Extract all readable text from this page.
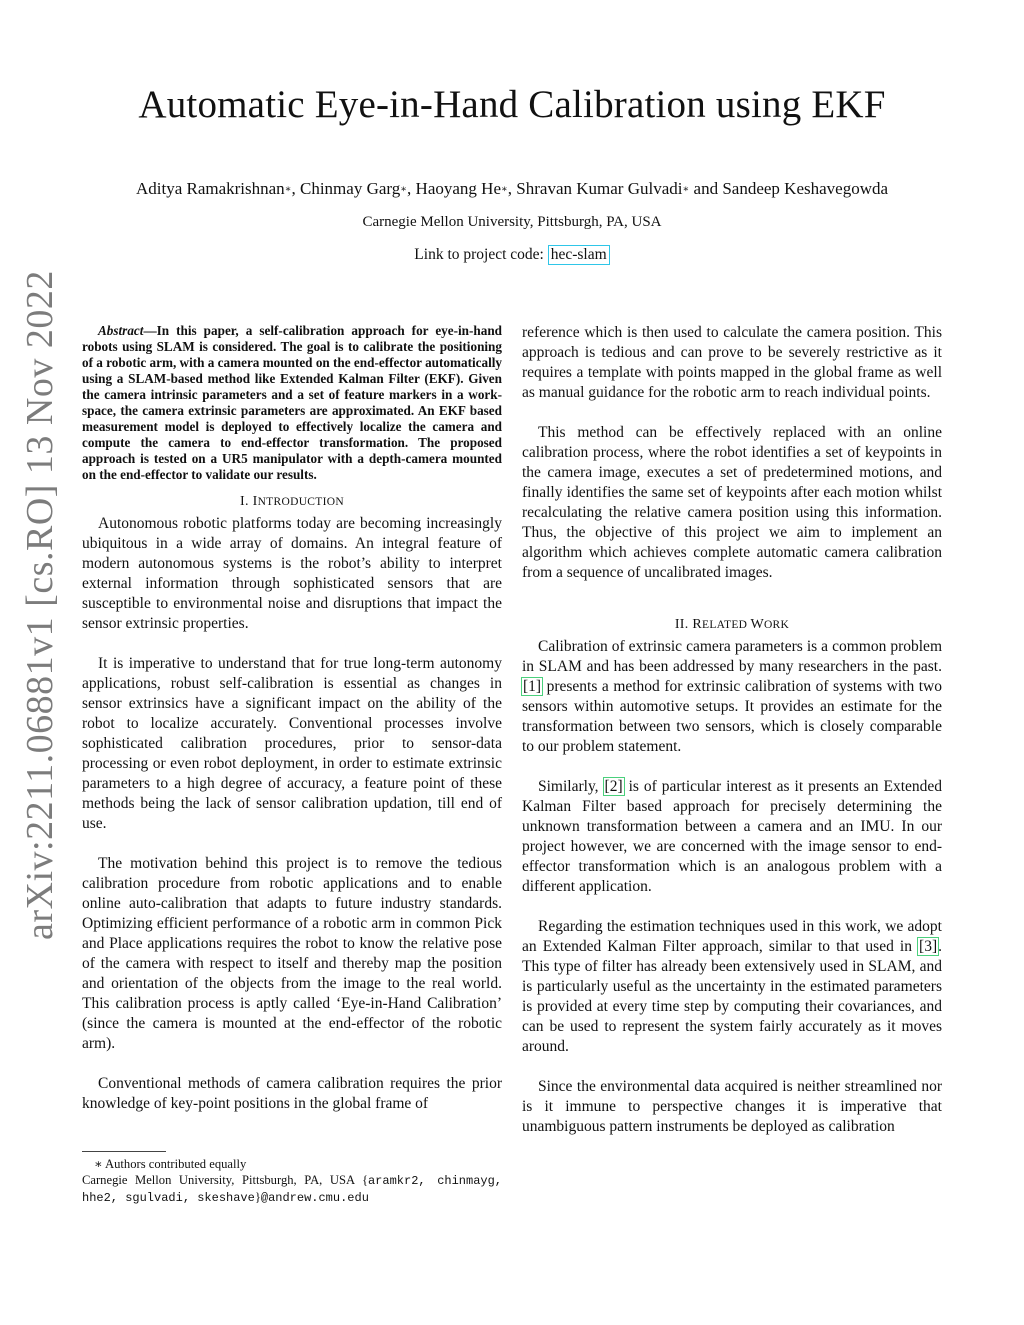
Automatic Eye-in-Hand Calibration using EKF
Aditya Ramakrishnan∗, Chinmay Garg∗, Haoyang He∗, Shravan Kumar Gulvadi∗ and Sandeep Keshavegowda
Carnegie Mellon University, Pittsburgh, PA, USA
Link to project code: hec-slam
arXiv:2211.06881v1 [cs.RO] 13 Nov 2022	Abstract—In this paper, a self-calibration approach for eye-in-hand robots using SLAM is considered. The goal is to calibrate the positioning of a robotic arm, with a camera mounted on the end-effector automatically using a SLAM-based method like Extended Kalman Filter (EKF). Given the camera intrinsic parameters and a set of feature markers in a work-space, the camera extrinsic parameters are approximated. An EKF based measurement model is deployed to effectively localize the camera and compute the camera to end-effector transformation. The proposed approach is tested on a UR5 manipulator with a depth-camera mounted on the end-effector to validate our results.

I. INTRODUCTION

Autonomous robotic platforms today are becoming increasingly ubiquitous in a wide array of domains. An integral feature of modern autonomous systems is the robot’s ability to interpret external information through sophisticated sensors that are susceptible to environmental noise and disruptions that impact the sensor extrinsic properties.

It is imperative to understand that for true long-term autonomy applications, robust self-calibration is essential as changes in sensor extrinsics have a significant impact on the ability of the robot to localize accurately. Conventional processes involve sophisticated calibration procedures, prior to sensor-data processing or even robot deployment, in order to estimate extrinsic parameters to a high degree of accuracy, a feature point of these methods being the lack of sensor calibration updation, till end of use.

The motivation behind this project is to remove the tedious calibration procedure from robotic applications and to enable online auto-calibration that adapts to future industry standards. Optimizing efficient performance of a robotic arm in common Pick and Place applications requires the robot to know the relative pose of the camera with respect to itself and thereby map the position and orientation of the objects from the image to the real world. This calibration process is aptly called ‘Eye-in-Hand Calibration’ (since the camera is mounted at the end-effector of the robotic arm).

Conventional methods of camera calibration requires the prior knowledge of key-point positions in the global frame of

∗ Authors contributed equally
Carnegie Mellon University, Pittsburgh, PA, USA {aramkr2, chinmayg, hhe2, sgulvadi, skeshave}@andrew.cmu.edu

reference which is then used to calculate the camera position. This approach is tedious and can prove to be severely restrictive as it requires a template with points mapped in the global frame as well as manual guidance for the robotic arm to reach individual points.

This method can be effectively replaced with an online calibration process, where the robot identifies a set of keypoints in the camera image, executes a set of predetermined motions, and finally identifies the same set of keypoints after each motion whilst recalculating the relative camera position using this information. Thus, the objective of this project we aim to implement an algorithm which achieves complete automatic camera calibration from a sequence of uncalibrated images.

II. RELATED WORK

Calibration of extrinsic camera parameters is a common problem in SLAM and has been addressed by many researchers in the past. [1] presents a method for extrinsic calibration of systems with two sensors within automotive setups. It provides an estimate for the transformation between two sensors, which is closely comparable to our problem statement.

Similarly, [2] is of particular interest as it presents an Extended Kalman Filter based approach for precisely determining the unknown transformation between a camera and an IMU. In our project however, we are concerned with the image sensor to end-effector transformation which is an analogous problem with a different application.

Regarding the estimation techniques used in this work, we adopt an Extended Kalman Filter approach, similar to that used in [3]. This type of filter has already been extensively used in SLAM, and is particularly useful as the uncertainty in the estimated parameters is provided at every time step by computing their covariances, and can be used to represent the system fairly accurately as it moves around.

Since the environmental data acquired is neither streamlined nor is it immune to perspective changes it is imperative that unambiguous pattern instruments be deployed as calibration
